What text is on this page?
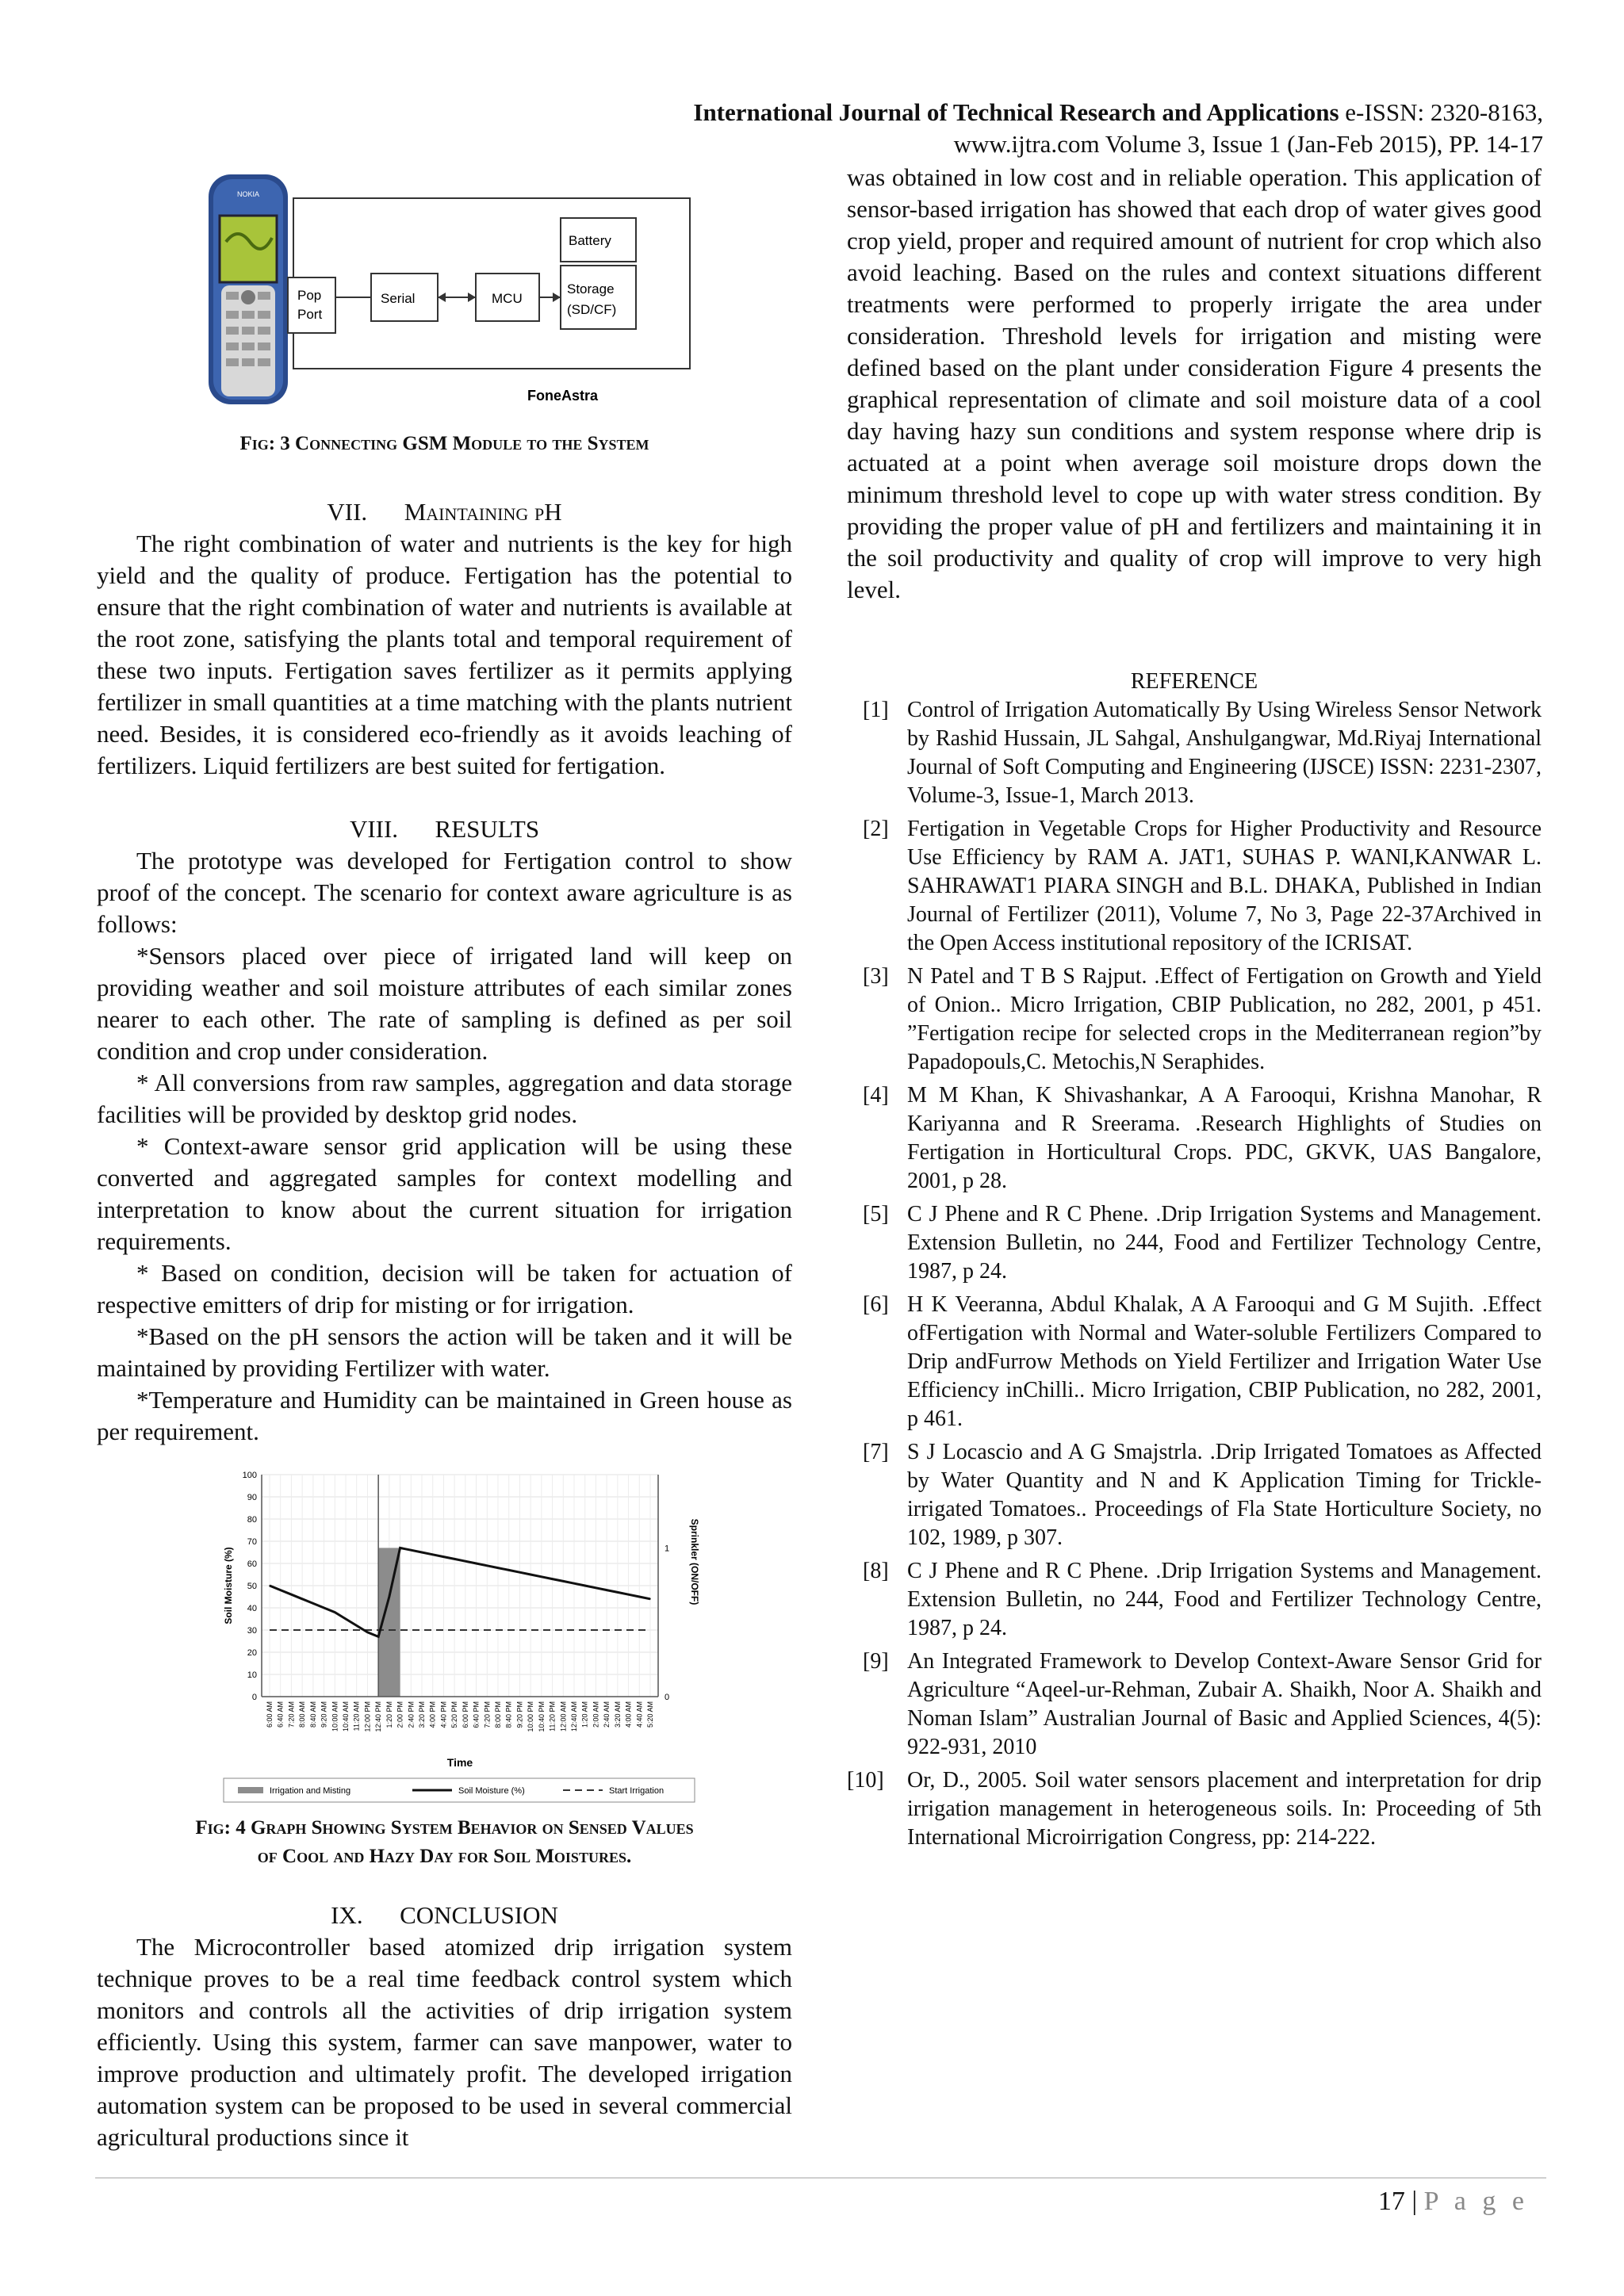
International Journal of Technical Research and Applications e-ISSN: 2320-8163,
www.ijtra.com Volume 3, Issue 1 (Jan-Feb 2015), PP. 14-17
NOKIA
Pop
Port
Serial	MCU
Battery
Storage
(SD/CF)
FoneAstra
Fig: 3 Connecting GSM Module to the System
VII. Maintaining pH

The right combination of water and nutrients is the key for high yield and the quality of produce. Fertigation has the potential to ensure that the right combination of water and nutrients is available at the root zone, satisfying the plants total and temporal requirement of these two inputs. Fertigation saves fertilizer as it permits applying fertilizer in small quantities at a time matching with the plants nutrient need. Besides, it is considered eco-friendly as it avoids leaching of fertilizers. Liquid fertilizers are best suited for fertigation.

VIII. RESULTS

The prototype was developed for Fertigation control to show proof of the concept. The scenario for context aware agriculture is as follows:

*Sensors placed over piece of irrigated land will keep on providing weather and soil moisture attributes of each similar zones nearer to each other. The rate of sampling is defined as per soil condition and crop under consideration.

* All conversions from raw samples, aggregation and data storage facilities will be provided by desktop grid nodes.

* Context-aware sensor grid application will be using these converted and aggregated samples for context modelling and interpretation to know about the current situation for irrigation requirements.

* Based on condition, decision will be taken for actuation of respective emitters of drip for misting or for irrigation.

*Based on the pH sensors the action will be taken and it will be maintained by providing Fertilizer with water.

*Temperature and Humidity can be maintained in Green house as per requirement.

0
10
20
30
40
50
60
70
80
90
100
0
1
6:00 AM 6:40 AM 7:20 AM 8:00 AM 8:40 AM 9:20 AM 10:00 AM 10:40 AM 11:20 AM 12:00 PM 12:40 PM 1:20 PM 2:00 PM 2:40 PM 3:20 PM 4:00 PM 4:40 PM 5:20 PM 6:00 PM 6:40 PM 7:20 PM 8:00 PM 8:40 PM 9:20 PM 10:00 PM 10:40 PM 11:20 PM 12:00 AM 12:40 AM 1:20 AM 2:00 AM 2:40 AM 3:20 AM 4:00 AM 4:40 AM 5:20 AM
Soil Moisture (%)	Sprinkler (ON/OFF)
Time
Irrigation and Misting	Soil Moisture (%)	Start Irrigation
Fig: 4 Graph Showing System Behavior on Sensed Values
of Cool and Hazy Day for Soil Moistures.
IX. CONCLUSION

The Microcontroller based atomized drip irrigation system technique proves to be a real time feedback control system which monitors and controls all the activities of drip irrigation system efficiently. Using this system, farmer can save manpower, water to improve production and ultimately profit. The developed irrigation automation system can be proposed to be used in several commercial agricultural productions since it

was obtained in low cost and in reliable operation. This application of sensor-based irrigation has showed that each drop of water gives good crop yield, proper and required amount of nutrient for crop which also avoid leaching. Based on the rules and context situations different treatments were performed to properly irrigate the area under consideration. Threshold levels for irrigation and misting were defined based on the plant under consideration Figure 4 presents the graphical representation of climate and soil moisture data of a cool day having hazy sun conditions and system response where drip is actuated at a point when average soil moisture drops down the minimum threshold level to cope up with water stress condition. By providing the proper value of pH and fertilizers and maintaining it in the soil productivity and quality of crop will improve to very high level.

REFERENCE
[1] Control of Irrigation Automatically By Using Wireless Sensor Network by Rashid Hussain, JL Sahgal, Anshulgangwar, Md.Riyaj International Journal of Soft Computing and Engineering (IJSCE) ISSN: 2231-2307, Volume-3, Issue-1, March 2013.
[2] Fertigation in Vegetable Crops for Higher Productivity and Resource Use Efficiency by RAM A. JAT1, SUHAS P. WANI,KANWAR L. SAHRAWAT1 PIARA SINGH and B.L. DHAKA, Published in Indian Journal of Fertilizer (2011), Volume 7, No 3, Page 22-37Archived in the Open Access institutional repository of the ICRISAT.
[3] N Patel and T B S Rajput. .Effect of Fertigation on Growth and Yield of Onion.. Micro Irrigation, CBIP Publication, no 282, 2001, p 451. ”Fertigation recipe for selected crops in the Mediterranean region”by Papadopouls,C. Metochis,N Seraphides.
[4] M M Khan, K Shivashankar, A A Farooqui, Krishna Manohar, R Kariyanna and R Sreerama. .Research Highlights of Studies on Fertigation in Horticultural Crops. PDC, GKVK, UAS Bangalore, 2001, p 28.
[5] C J Phene and R C Phene. .Drip Irrigation Systems and Management. Extension Bulletin, no 244, Food and Fertilizer Technology Centre, 1987, p 24.
[6] H K Veeranna, Abdul Khalak, A A Farooqui and G M Sujith. .Effect ofFertigation with Normal and Water-soluble Fertilizers Compared to Drip andFurrow Methods on Yield Fertilizer and Irrigation Water Use Efficiency inChilli.. Micro Irrigation, CBIP Publication, no 282, 2001, p 461.
[7] S J Locascio and A G Smajstrla. .Drip Irrigated Tomatoes as Affected by Water Quantity and N and K Application Timing for Trickle-irrigated Tomatoes.. Proceedings of Fla State Horticulture Society, no 102, 1989, p 307.
[8] C J Phene and R C Phene. .Drip Irrigation Systems and Management. Extension Bulletin, no 244, Food and Fertilizer Technology Centre, 1987, p 24.
[9] An Integrated Framework to Develop Context-Aware Sensor Grid for Agriculture “Aqeel-ur-Rehman, Zubair A. Shaikh, Noor A. Shaikh and Noman Islam” Australian Journal of Basic and Applied Sciences, 4(5): 922-931, 2010
[10]	Or, D., 2005. Soil water sensors placement and interpretation for drip irrigation management in heterogeneous soils. In: Proceeding of 5th International Microirrigation Congress, pp: 214-222.
17 | P a g e
